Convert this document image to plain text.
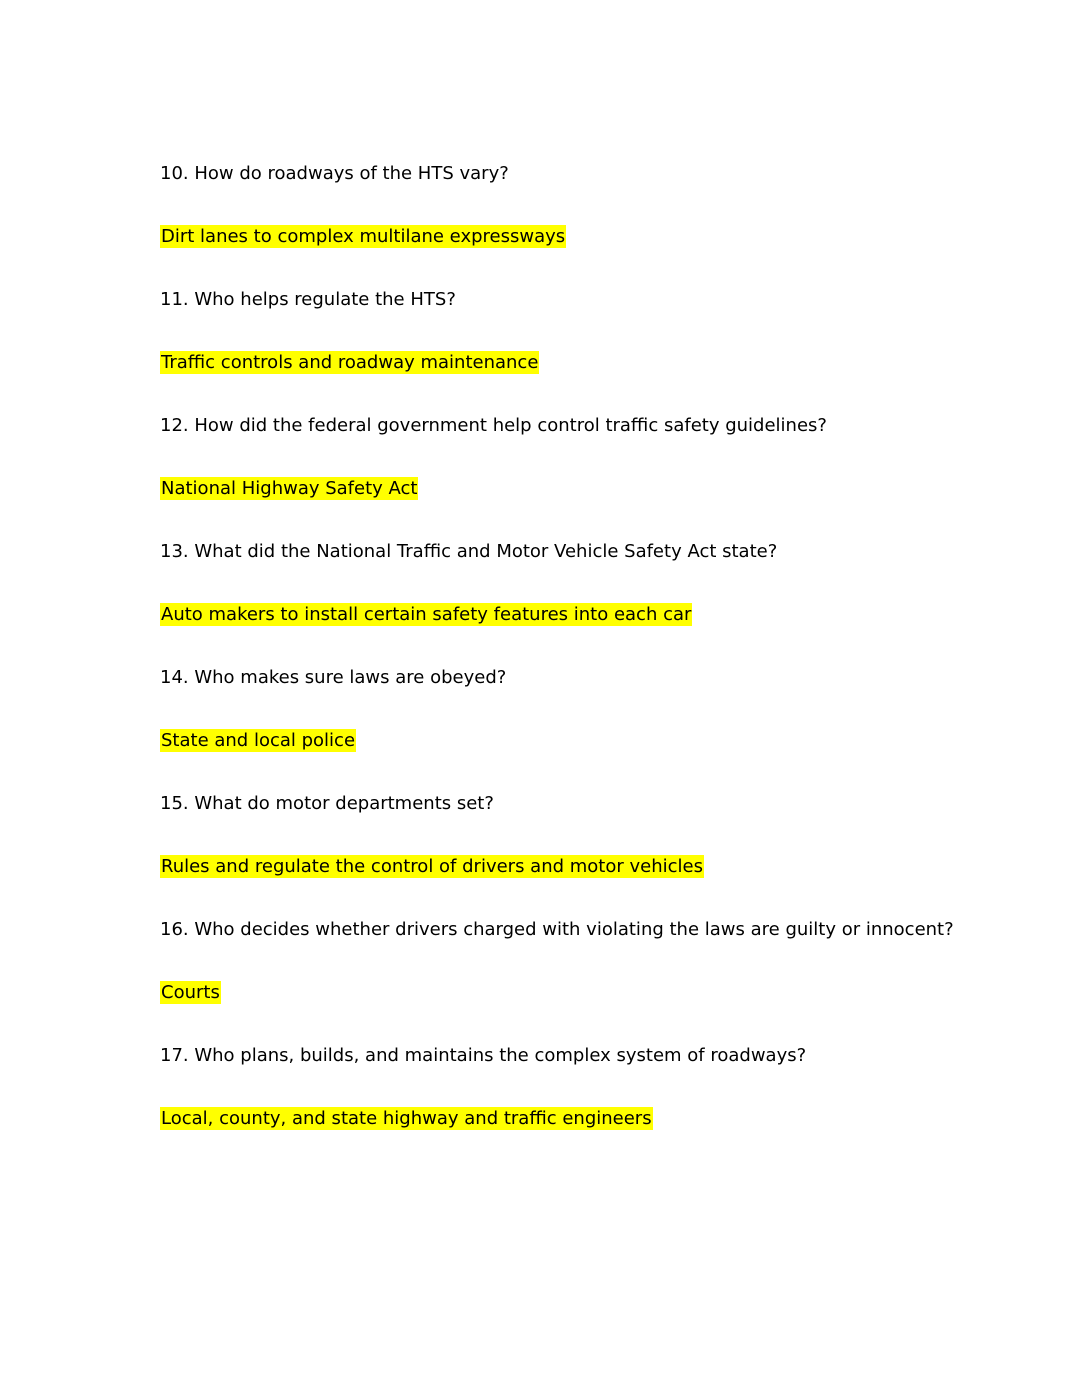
10. How do roadways of the HTS vary?

Dirt lanes to complex multilane expressways

11. Who helps regulate the HTS?

Traffic controls and roadway maintenance

12. How did the federal government help control traffic safety guidelines?

National Highway Safety Act

13. What did the National Traffic and Motor Vehicle Safety Act state?

Auto makers to install certain safety features into each car

14. Who makes sure laws are obeyed?

State and local police

15. What do motor departments set?

Rules and regulate the control of drivers and motor vehicles

16. Who decides whether drivers charged with violating the laws are guilty or innocent?

Courts

17. Who plans, builds, and maintains the complex system of roadways?

Local, county, and state highway and traffic engineers
